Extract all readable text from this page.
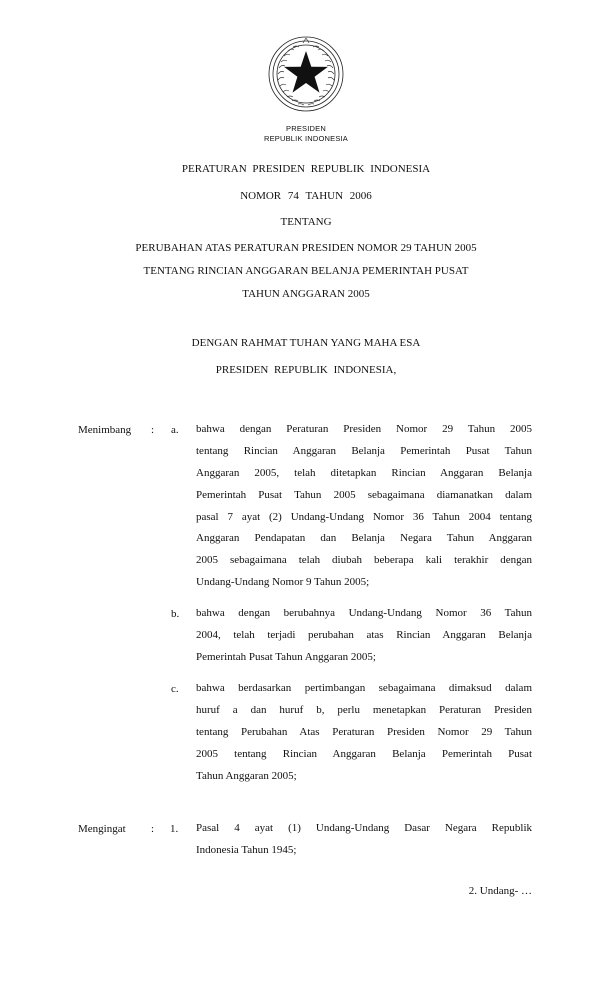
PRESIDEN
REPUBLIK INDONESIA
PERATURAN PRESIDEN REPUBLIK INDONESIA
NOMOR 74 TAHUN 2006
TENTANG
PERUBAHAN ATAS PERATURAN PRESIDEN NOMOR 29 TAHUN 2005
TENTANG RINCIAN ANGGARAN BELANJA PEMERINTAH PUSAT
TAHUN ANGGARAN 2005
DENGAN RAHMAT TUHAN YANG MAHA ESA
PRESIDEN REPUBLIK INDONESIA,
Menimbang : a. bahwa dengan Peraturan Presiden Nomor 29 Tahun 2005
tentang Rincian Anggaran Belanja Pemerintah Pusat Tahun
Anggaran 2005, telah ditetapkan Rincian Anggaran Belanja
Pemerintah Pusat Tahun 2005 sebagaimana diamanatkan dalam
pasal 7 ayat (2) Undang-Undang Nomor 36 Tahun 2004 tentang
Anggaran Pendapatan dan Belanja Negara Tahun Anggaran
2005 sebagaimana telah diubah beberapa kali terakhir dengan
Undang-Undang Nomor 9 Tahun 2005;
b. bahwa dengan berubahnya Undang-Undang Nomor 36 Tahun
2004, telah terjadi perubahan atas Rincian Anggaran Belanja
Pemerintah Pusat Tahun Anggaran 2005;
c. bahwa berdasarkan pertimbangan sebagaimana dimaksud dalam
huruf a dan huruf b, perlu menetapkan Peraturan Presiden
tentang Perubahan Atas Peraturan Presiden Nomor 29 Tahun
2005 tentang Rincian Anggaran Belanja Pemerintah Pusat
Tahun Anggaran 2005;
Mengingat : 1. Pasal 4 ayat (1) Undang-Undang Dasar Negara Republik
Indonesia Tahun 1945;
2. Undang- …
